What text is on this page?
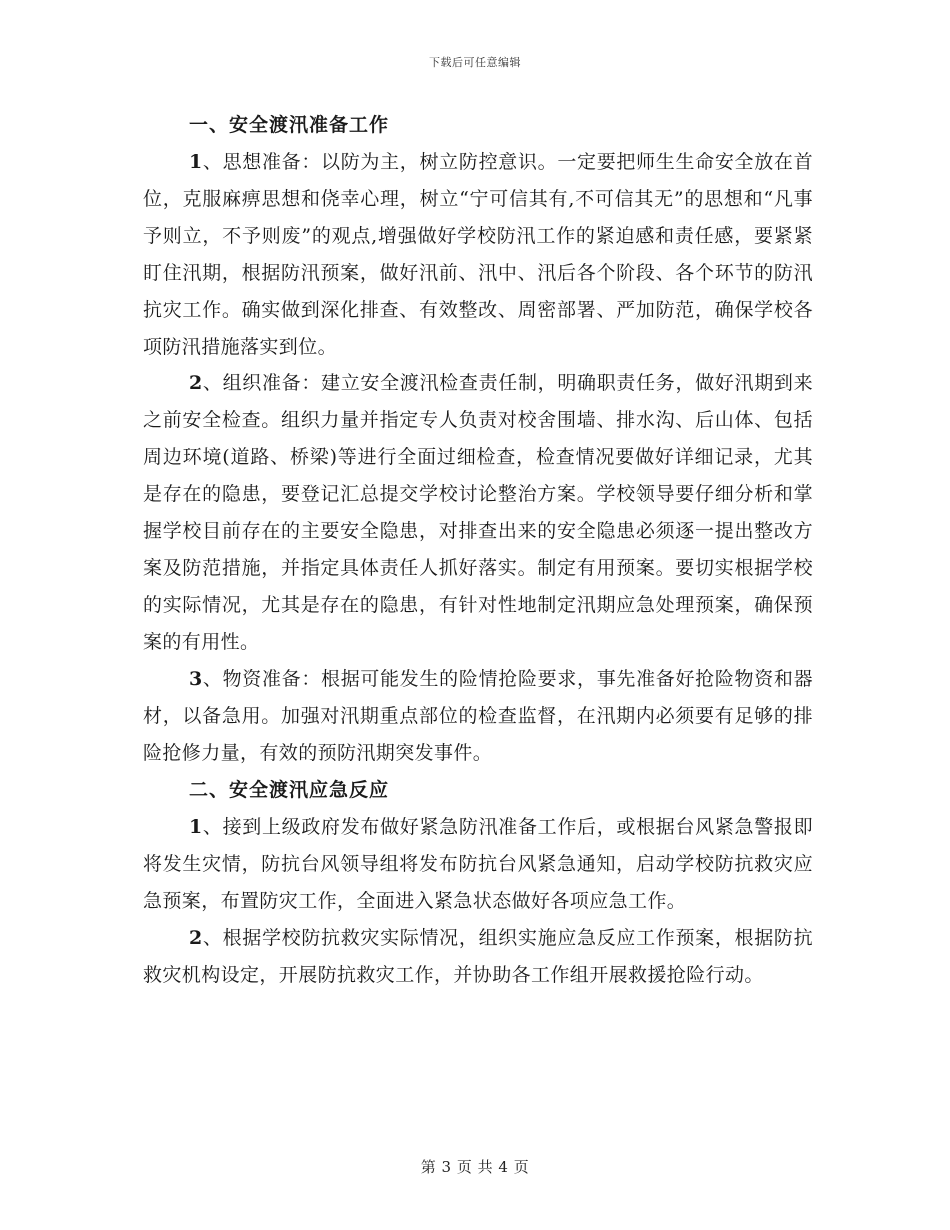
下载后可任意编辑
一、安全渡汛准备工作

1、思想准备：以防为主，树立防控意识。一定要把师生生命安全放在首位，克服麻痹思想和侥幸心理，树立“宁可信其有,不可信其无”的思想和“凡事予则立，不予则废”的观点,增强做好学校防汛工作的紧迫感和责任感，要紧紧盯住汛期，根据防汛预案，做好汛前、汛中、汛后各个阶段、各个环节的防汛抗灾工作。确实做到深化排查、有效整改、周密部署、严加防范，确保学校各项防汛措施落实到位。

2、组织准备：建立安全渡汛检查责任制，明确职责任务，做好汛期到来之前安全检查。组织力量并指定专人负责对校舍围墙、排水沟、后山体、包括周边环境(道路、桥梁)等进行全面过细检查，检查情况要做好详细记录，尤其是存在的隐患，要登记汇总提交学校讨论整治方案。学校领导要仔细分析和掌握学校目前存在的主要安全隐患，对排查出来的安全隐患必须逐一提出整改方案及防范措施，并指定具体责任人抓好落实。制定有用预案。要切实根据学校的实际情况，尤其是存在的隐患，有针对性地制定汛期应急处理预案，确保预案的有用性。

3、物资准备：根据可能发生的险情抢险要求，事先准备好抢险物资和器材，以备急用。加强对汛期重点部位的检查监督，在汛期内必须要有足够的排险抢修力量，有效的预防汛期突发事件。

二、安全渡汛应急反应

1、接到上级政府发布做好紧急防汛准备工作后，或根据台风紧急警报即将发生灾情，防抗台风领导组将发布防抗台风紧急通知，启动学校防抗救灾应急预案，布置防灾工作，全面进入紧急状态做好各项应急工作。

2、根据学校防抗救灾实际情况，组织实施应急反应工作预案，根据防抗救灾机构设定，开展防抗救灾工作，并协助各工作组开展救援抢险行动。

第 3 页 共 4 页
